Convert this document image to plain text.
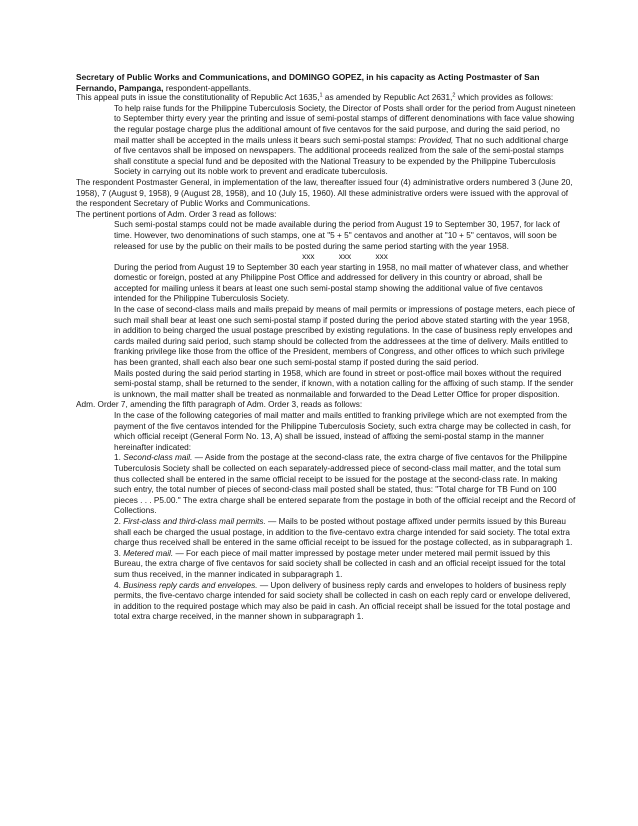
Secretary of Public Works and Communications, and DOMINGO GOPEZ, in his capacity as Acting Postmaster of San Fernando, Pampanga, respondent-appellants.

This appeal puts in issue the constitutionality of Republic Act 1635,$^1$ as amended by Republic Act 2631,$^2$ which provides as follows:

To help raise funds for the Philippine Tuberculosis Society, the Director of Posts shall order for the period from August nineteen to September thirty every year the printing and issue of semi-postal stamps of different denominations with face value showing the regular postage charge plus the additional amount of five centavos for the said purpose, and during the said period, no mail matter shall be accepted in the mails unless it bears such semi-postal stamps: Provided, That no such additional charge of five centavos shall be imposed on newspapers. The additional proceeds realized from the sale of the semi-postal stamps shall constitute a special fund and be deposited with the National Treasury to be expended by the Philippine Tuberculosis Society in carrying out its noble work to prevent and eradicate tuberculosis.

The respondent Postmaster General, in implementation of the law, thereafter issued four (4) administrative orders numbered 3 (June 20, 1958), 7 (August 9, 1958), 9 (August 28, 1958), and 10 (July 15, 1960). All these administrative orders were issued with the approval of the respondent Secretary of Public Works and Communications.

The pertinent portions of Adm. Order 3 read as follows:

Such semi-postal stamps could not be made available during the period from August 19 to September 30, 1957, for lack of time. However, two denominations of such stamps, one at "5 + 5" centavos and another at "10 + 5" centavos, will soon be released for use by the public on their mails to be posted during the same period starting with the year 1958.

xxx xxx xxx

During the period from August 19 to September 30 each year starting in 1958, no mail matter of whatever class, and whether domestic or foreign, posted at any Philippine Post Office and addressed for delivery in this country or abroad, shall be accepted for mailing unless it bears at least one such semi-postal stamp showing the additional value of five centavos intended for the Philippine Tuberculosis Society.

In the case of second-class mails and mails prepaid by means of mail permits or impressions of postage meters, each piece of such mail shall bear at least one such semi-postal stamp if posted during the period above stated starting with the year 1958, in addition to being charged the usual postage prescribed by existing regulations. In the case of business reply envelopes and cards mailed during said period, such stamp should be collected from the addressees at the time of delivery. Mails entitled to franking privilege like those from the office of the President, members of Congress, and other offices to which such privilege has been granted, shall each also bear one such semi-postal stamp if posted during the said period.

Mails posted during the said period starting in 1958, which are found in street or post-office mail boxes without the required semi-postal stamp, shall be returned to the sender, if known, with a notation calling for the affixing of such stamp. If the sender is unknown, the mail matter shall be treated as nonmailable and forwarded to the Dead Letter Office for proper disposition.

Adm. Order 7, amending the fifth paragraph of Adm. Order 3, reads as follows:

In the case of the following categories of mail matter and mails entitled to franking privilege which are not exempted from the payment of the five centavos intended for the Philippine Tuberculosis Society, such extra charge may be collected in cash, for which official receipt (General Form No. 13, A) shall be issued, instead of affixing the semi-postal stamp in the manner hereinafter indicated:

1. Second-class mail. — Aside from the postage at the second-class rate, the extra charge of five centavos for the Philippine Tuberculosis Society shall be collected on each separately-addressed piece of second-class mail matter, and the total sum thus collected shall be entered in the same official receipt to be issued for the postage at the second-class rate. In making such entry, the total number of pieces of second-class mail posted shall be stated, thus: "Total charge for TB Fund on 100 pieces . . . P5.00." The extra charge shall be entered separate from the postage in both of the official receipt and the Record of Collections.

2. First-class and third-class mail permits. — Mails to be posted without postage affixed under permits issued by this Bureau shall each be charged the usual postage, in addition to the five-centavo extra charge intended for said society. The total extra charge thus received shall be entered in the same official receipt to be issued for the postage collected, as in subparagraph 1.

3. Metered mail. — For each piece of mail matter impressed by postage meter under metered mail permit issued by this Bureau, the extra charge of five centavos for said society shall be collected in cash and an official receipt issued for the total sum thus received, in the manner indicated in subparagraph 1.

4. Business reply cards and envelopes. — Upon delivery of business reply cards and envelopes to holders of business reply permits, the five-centavo charge intended for said society shall be collected in cash on each reply card or envelope delivered, in addition to the required postage which may also be paid in cash. An official receipt shall be issued for the total postage and total extra charge received, in the manner shown in subparagraph 1.
